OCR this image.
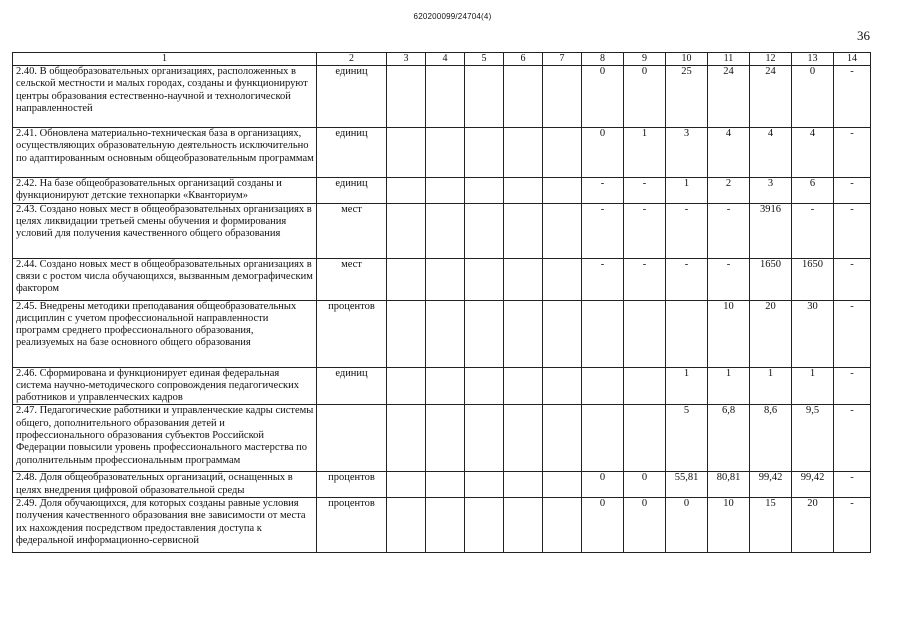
620200099/24704(4)
36
1	2	3	4	5	6	7	8	9	10	11	12	13	14
2.40. В общеобразовательных организациях, расположенных в сельской местности и малых городах, созданы и функционируют центры образования естественно-научной и технологической направленностей	единиц						0	0	25	24	24	0	-
2.41. Обновлена материально-техническая база в организациях, осуществляющих образовательную деятельность исключительно по адаптированным основным общеобразовательным программам	единиц						0	1	3	4	4	4	-
2.42. На базе общеобразовательных организаций созданы и функционируют детские технопарки «Кванториум»	единиц						-	-	1	2	3	6	-
2.43. Создано новых мест в общеобразовательных организациях в целях ликвидации третьей смены обучения и формирования условий для получения качественного общего образования	мест						-	-	-	-	3916	-	-
2.44. Создано новых мест в общеобразовательных организациях в связи с ростом числа обучающихся, вызванным демографическим фактором	мест						-	-	-	-	1650	1650	-
2.45. Внедрены методики преподавания общеобразовательных дисциплин с учетом профессиональной направленности программ среднего профессионального образования, реализуемых на базе основного общего образования	процентов									10	20	30	-
2.46. Сформирована и функционирует единая федеральная система научно-методического сопровождения педагогических работников и управленческих кадров	единиц								1	1	1	1	-
2.47. Педагогические работники и управленческие кадры системы общего, дополнительного образования детей и профессионального образования субъектов Российской Федерации повысили уровень профессионального мастерства по дополнительным профессиональным программам									5	6,8	8,6	9,5	-
2.48. Доля общеобразовательных организаций, оснащенных в целях внедрения цифровой образовательной среды	процентов						0	0	55,81	80,81	99,42	99,42	-
2.49. Доля обучающихся, для которых созданы равные условия получения качественного образования вне зависимости от места их нахождения посредством предоставления доступа к федеральной информационно-сервисной	процентов						0	0	0	10	15	20	-
